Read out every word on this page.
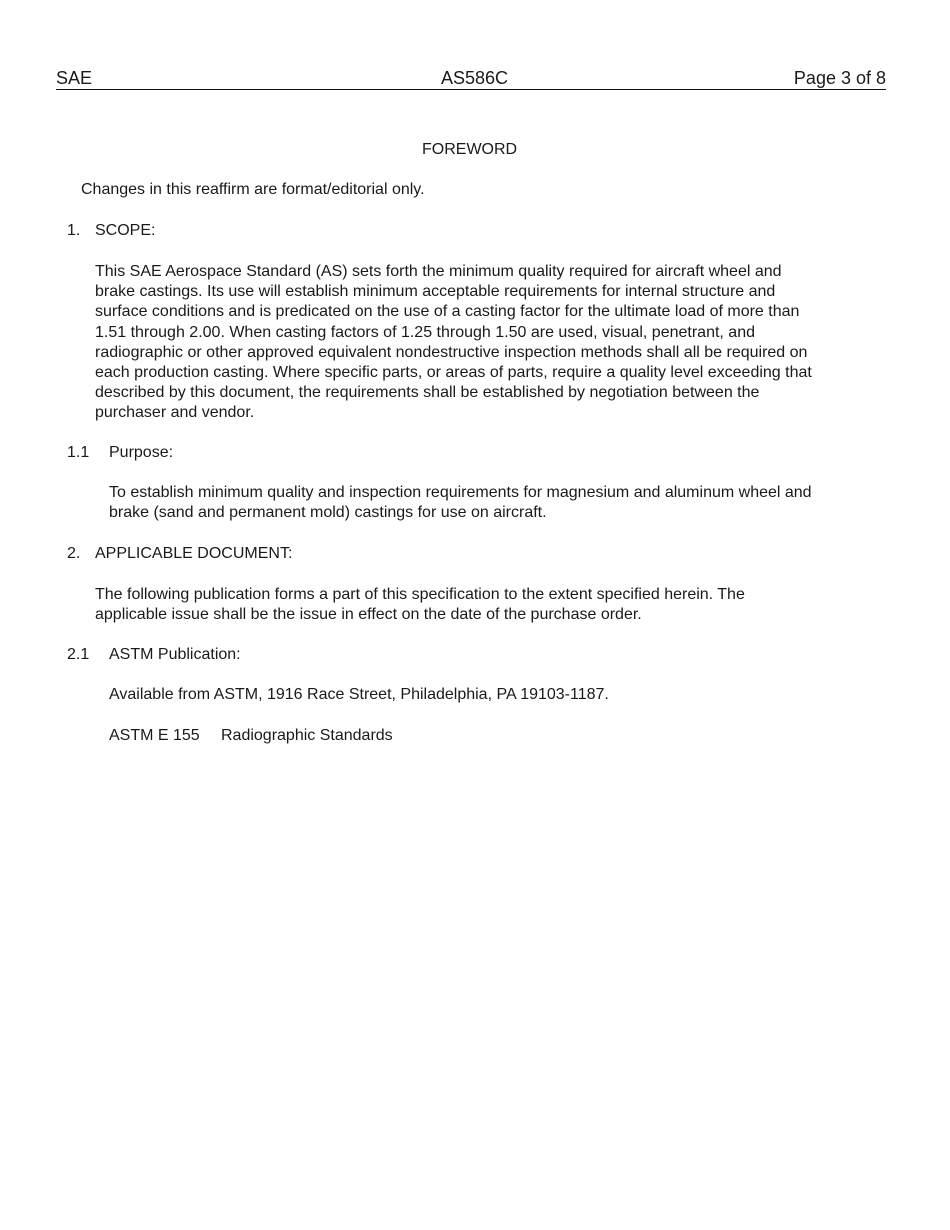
SAE	AS586C	Page 3 of 8
FOREWORD
Changes in this reaffirm are format/editorial only.
1. SCOPE:
This SAE Aerospace Standard (AS) sets forth the minimum quality required for aircraft wheel and
brake castings. Its use will establish minimum acceptable requirements for internal structure and
surface conditions and is predicated on the use of a casting factor for the ultimate load of more than
1.51 through 2.00. When casting factors of 1.25 through 1.50 are used, visual, penetrant, and
radiographic or other approved equivalent nondestructive inspection methods shall all be required on
each production casting. Where specific parts, or areas of parts, require a quality level exceeding that
described by this document, the requirements shall be established by negotiation between the
purchaser and vendor.
1.1 Purpose:
To establish minimum quality and inspection requirements for magnesium and aluminum wheel and
brake (sand and permanent mold) castings for use on aircraft.
2. APPLICABLE DOCUMENT:
The following publication forms a part of this specification to the extent specified herein. The
applicable issue shall be the issue in effect on the date of the purchase order.
2.1 ASTM Publication:
Available from ASTM, 1916 Race Street, Philadelphia, PA 19103-1187.
ASTM E 155 Radiographic Standards
